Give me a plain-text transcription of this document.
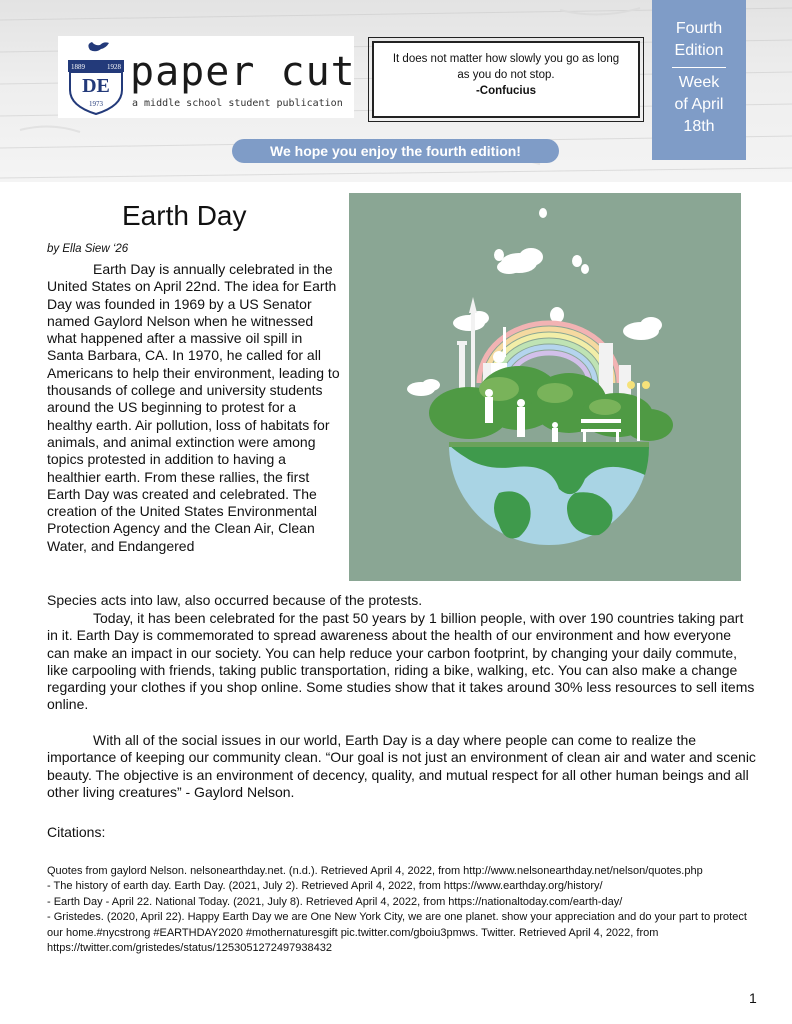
1889	1928
DE
1973
paper cut
a middle school student publication
It does not matter how slowly you go as long as you do not stop.
-Confucius
Fourth
Edition
Week
of April
18th
We hope you enjoy the fourth edition!
Earth Day
by Ella Siew ‘26

Earth Day is annually celebrated in the United States on April 22nd. The idea for Earth Day was founded in 1969 by a US Senator named Gaylord Nelson when he witnessed what happened after a massive oil spill in Santa Barbara, CA. In 1970, he called for all Americans to help their environment, leading to thousands of college and university students around the US beginning to protest for a healthy earth. Air pollution, loss of habitats for animals, and animal extinction were among topics protested in addition to having a healthier earth. From these rallies, the first Earth Day was created and celebrated. The creation of the United States Environmental Protection Agency and the Clean Air, Clean Water, and Endangered

Species acts into law, also occurred because of the protests.

Today, it has been celebrated for the past 50 years by 1 billion people, with over 190 countries taking part in it. Earth Day is commemorated to spread awareness about the health of our environment and how everyone can make an impact in our society. You can help reduce your carbon footprint, by changing your daily commute, like carpooling with friends, taking public transportation, riding a bike, walking, etc. You can also make a change regarding your clothes if you shop online. Some studies show that it takes around 30% less resources to sell items online.

With all of the social issues in our world, Earth Day is a day where people can come to realize the importance of keeping our community clean. “Our goal is not just an environment of clean air and water and scenic beauty. The objective is an environment of decency, quality, and mutual respect for all other human beings and all other living creatures” - Gaylord Nelson.

Citations:
Quotes from gaylord Nelson. nelsonearthday.net. (n.d.). Retrieved April 4, 2022, from http://www.nelsonearthday.net/nelson/quotes.php
- The history of earth day. Earth Day. (2021, July 2). Retrieved April 4, 2022, from https://www.earthday.org/history/
- Earth Day - April 22. National Today. (2021, July 8). Retrieved April 4, 2022, from https://nationaltoday.com/earth-day/
- Gristedes. (2020, April 22). Happy Earth Day we are One New York City, we are one planet. show your appreciation and do your part to protect our home.#nycstrong #EARTHDAY2020 #mothernaturesgift pic.twitter.com/gboiu3pmws. Twitter. Retrieved April 4, 2022, from https://twitter.com/gristedes/status/1253051272497938432
1
